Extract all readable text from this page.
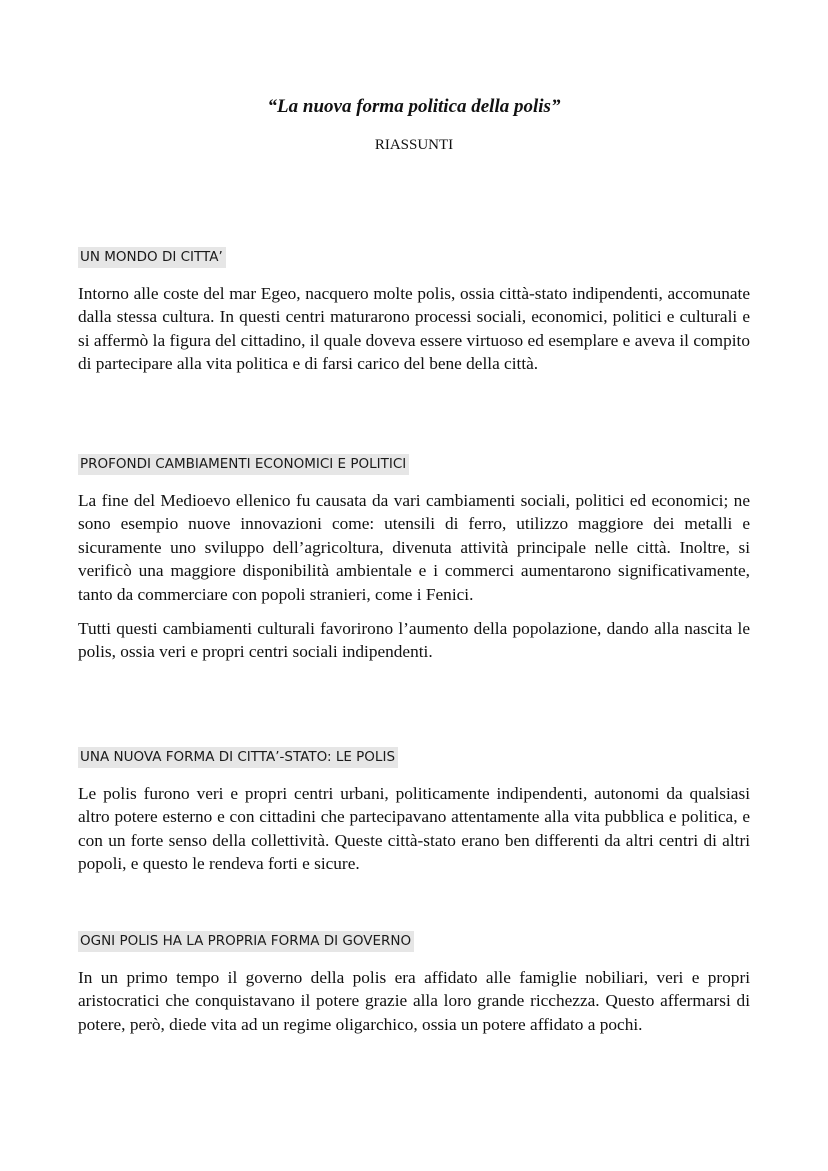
“La nuova forma politica della polis”
RIASSUNTI
UN MONDO DI CITTA’

Intorno alle coste del mar Egeo, nacquero molte polis, ossia città-stato indipendenti, accomunate dalla stessa cultura. In questi centri maturarono processi sociali, economici, politici e culturali e si affermò la figura del cittadino, il quale doveva essere virtuoso ed esemplare e aveva il compito di partecipare alla vita politica e di farsi carico del bene della città.

PROFONDI CAMBIAMENTI ECONOMICI E POLITICI

La fine del Medioevo ellenico fu causata da vari cambiamenti sociali, politici ed economici; ne sono esempio nuove innovazioni come: utensili di ferro, utilizzo maggiore dei metalli e sicuramente uno sviluppo dell’agricoltura, divenuta attività principale nelle città. Inoltre, si verificò una maggiore disponibilità ambientale e i commerci aumentarono significativamente, tanto da commerciare con popoli stranieri, come i Fenici.

Tutti questi cambiamenti culturali favorirono l’aumento della popolazione, dando alla nascita le polis, ossia veri e propri centri sociali indipendenti.

UNA NUOVA FORMA DI CITTA’-STATO: LE POLIS

Le polis furono veri e propri centri urbani, politicamente indipendenti, autonomi da qualsiasi altro potere esterno e con cittadini che partecipavano attentamente alla vita pubblica e politica, e con un forte senso della collettività. Queste città-stato erano ben differenti da altri centri di altri popoli, e questo le rendeva forti e sicure.

OGNI POLIS HA LA PROPRIA FORMA DI GOVERNO

In un primo tempo il governo della polis era affidato alle famiglie nobiliari, veri e propri aristocratici che conquistavano il potere grazie alla loro grande ricchezza. Questo affermarsi di potere, però, diede vita ad un regime oligarchico, ossia un potere affidato a pochi.
